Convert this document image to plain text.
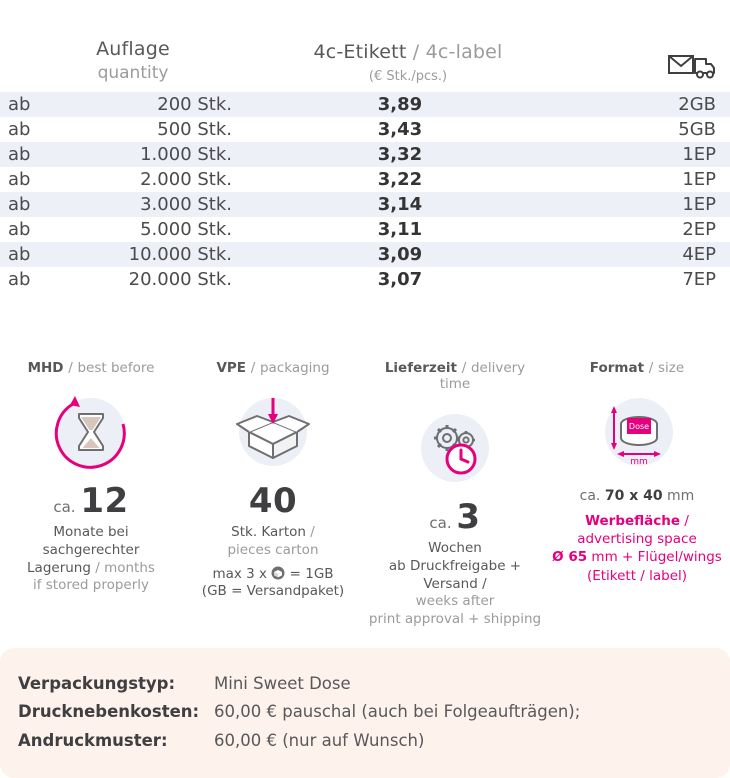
Auflage
quantity
4c-Etikett / 4c-label
(€ Stk./pcs.)
ab	200 Stk.	3,89	2GB
ab	500 Stk.	3,43	5GB
ab	1.000 Stk.	3,32	1EP
ab	2.000 Stk.	3,22	1EP
ab	3.000 Stk.	3,14	1EP
ab	5.000 Stk.	3,11	2EP
ab	10.000 Stk.	3,09	4EP
ab	20.000 Stk.	3,07	7EP
MHD / best before
ca. 12
Monate bei
sachgerechter
Lagerung / months
if stored properly
VPE / packaging
40
Stk. Karton /
pieces carton
max 3 x = 1GB
(GB = Versandpaket)
Lieferzeit / delivery time
ca. 3
Wochen
ab Druckfreigabe + Versand /
weeks after
print approval + shipping
Format / size
Dose
mm
ca. 70 x 40 mm
Werbefläche /
advertising space
Ø 65 mm + Flügel/wings
(Etikett / label)
Verpackungstyp:	Mini Sweet Dose
Drucknebenkosten: 60,00 € pauschal (auch bei Folgeaufträgen);
Andruckmuster:	60,00 € (nur auf Wunsch)
